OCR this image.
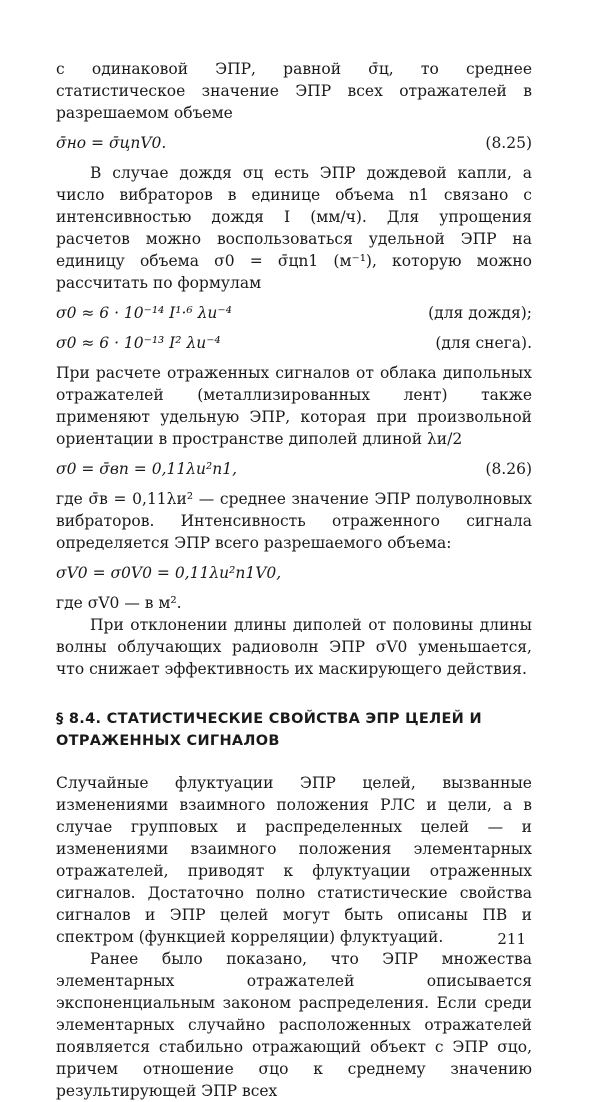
с одинаковой ЭПР, равной σ̄ц, то среднее статистическое значение ЭПР всех отражателей в разрешаемом объеме

σ̄но = σ̄цnV0.	(8.25)

В случае дождя σц есть ЭПР дождевой капли, а число вибраторов в единице объема n1 связано с интенсивностью дождя I (мм/ч). Для упрощения расчетов можно воспользоваться удельной ЭПР на единицу объема σ0 = σ̄цn1 (м⁻¹), которую можно рассчитать по формулам

σ0 ≈ 6 · 10⁻¹⁴ I¹·⁶ λи⁻⁴	(для дождя);
σ0 ≈ 6 · 10⁻¹³ I² λи⁻⁴	(для снега).

При расчете отраженных сигналов от облака дипольных отражателей (металлизированных лент) также применяют удельную ЭПР, которая при произвольной ориентации в пространстве диполей длиной λи/2

σ0 = σ̄вn = 0,11λи²n1,	(8.26)

где σ̄в = 0,11λи² — среднее значение ЭПР полуволновых вибраторов. Интенсивность отраженного сигнала определяется ЭПР всего разрешаемого объема:

σV0 = σ0V0 = 0,11λи²n1V0,

где σV0 — в м².

При отклонении длины диполей от половины длины волны облучающих радиоволн ЭПР σV0 уменьшается, что снижает эффективность их маскирующего действия.

§ 8.4. СТАТИСТИЧЕСКИЕ СВОЙСТВА ЭПР ЦЕЛЕЙ И ОТРАЖЕННЫХ СИГНАЛОВ

Случайные флуктуации ЭПР целей, вызванные изменениями взаимного положения РЛС и цели, а в случае групповых и распределенных целей — и изменениями взаимного положения элементарных отражателей, приводят к флуктуации отраженных сигналов. Достаточно полно статистические свойства сигналов и ЭПР целей могут быть описаны ПВ и спектром (функцией корреляции) флуктуаций.

Ранее было показано, что ЭПР множества элементарных отражателей описывается экспоненциальным законом распределения. Если среди элементарных случайно расположенных отражателей появляется стабильно отражающий объект с ЭПР σцо, причем отношение σцо к среднему значению результирующей ЭПР всех

211
